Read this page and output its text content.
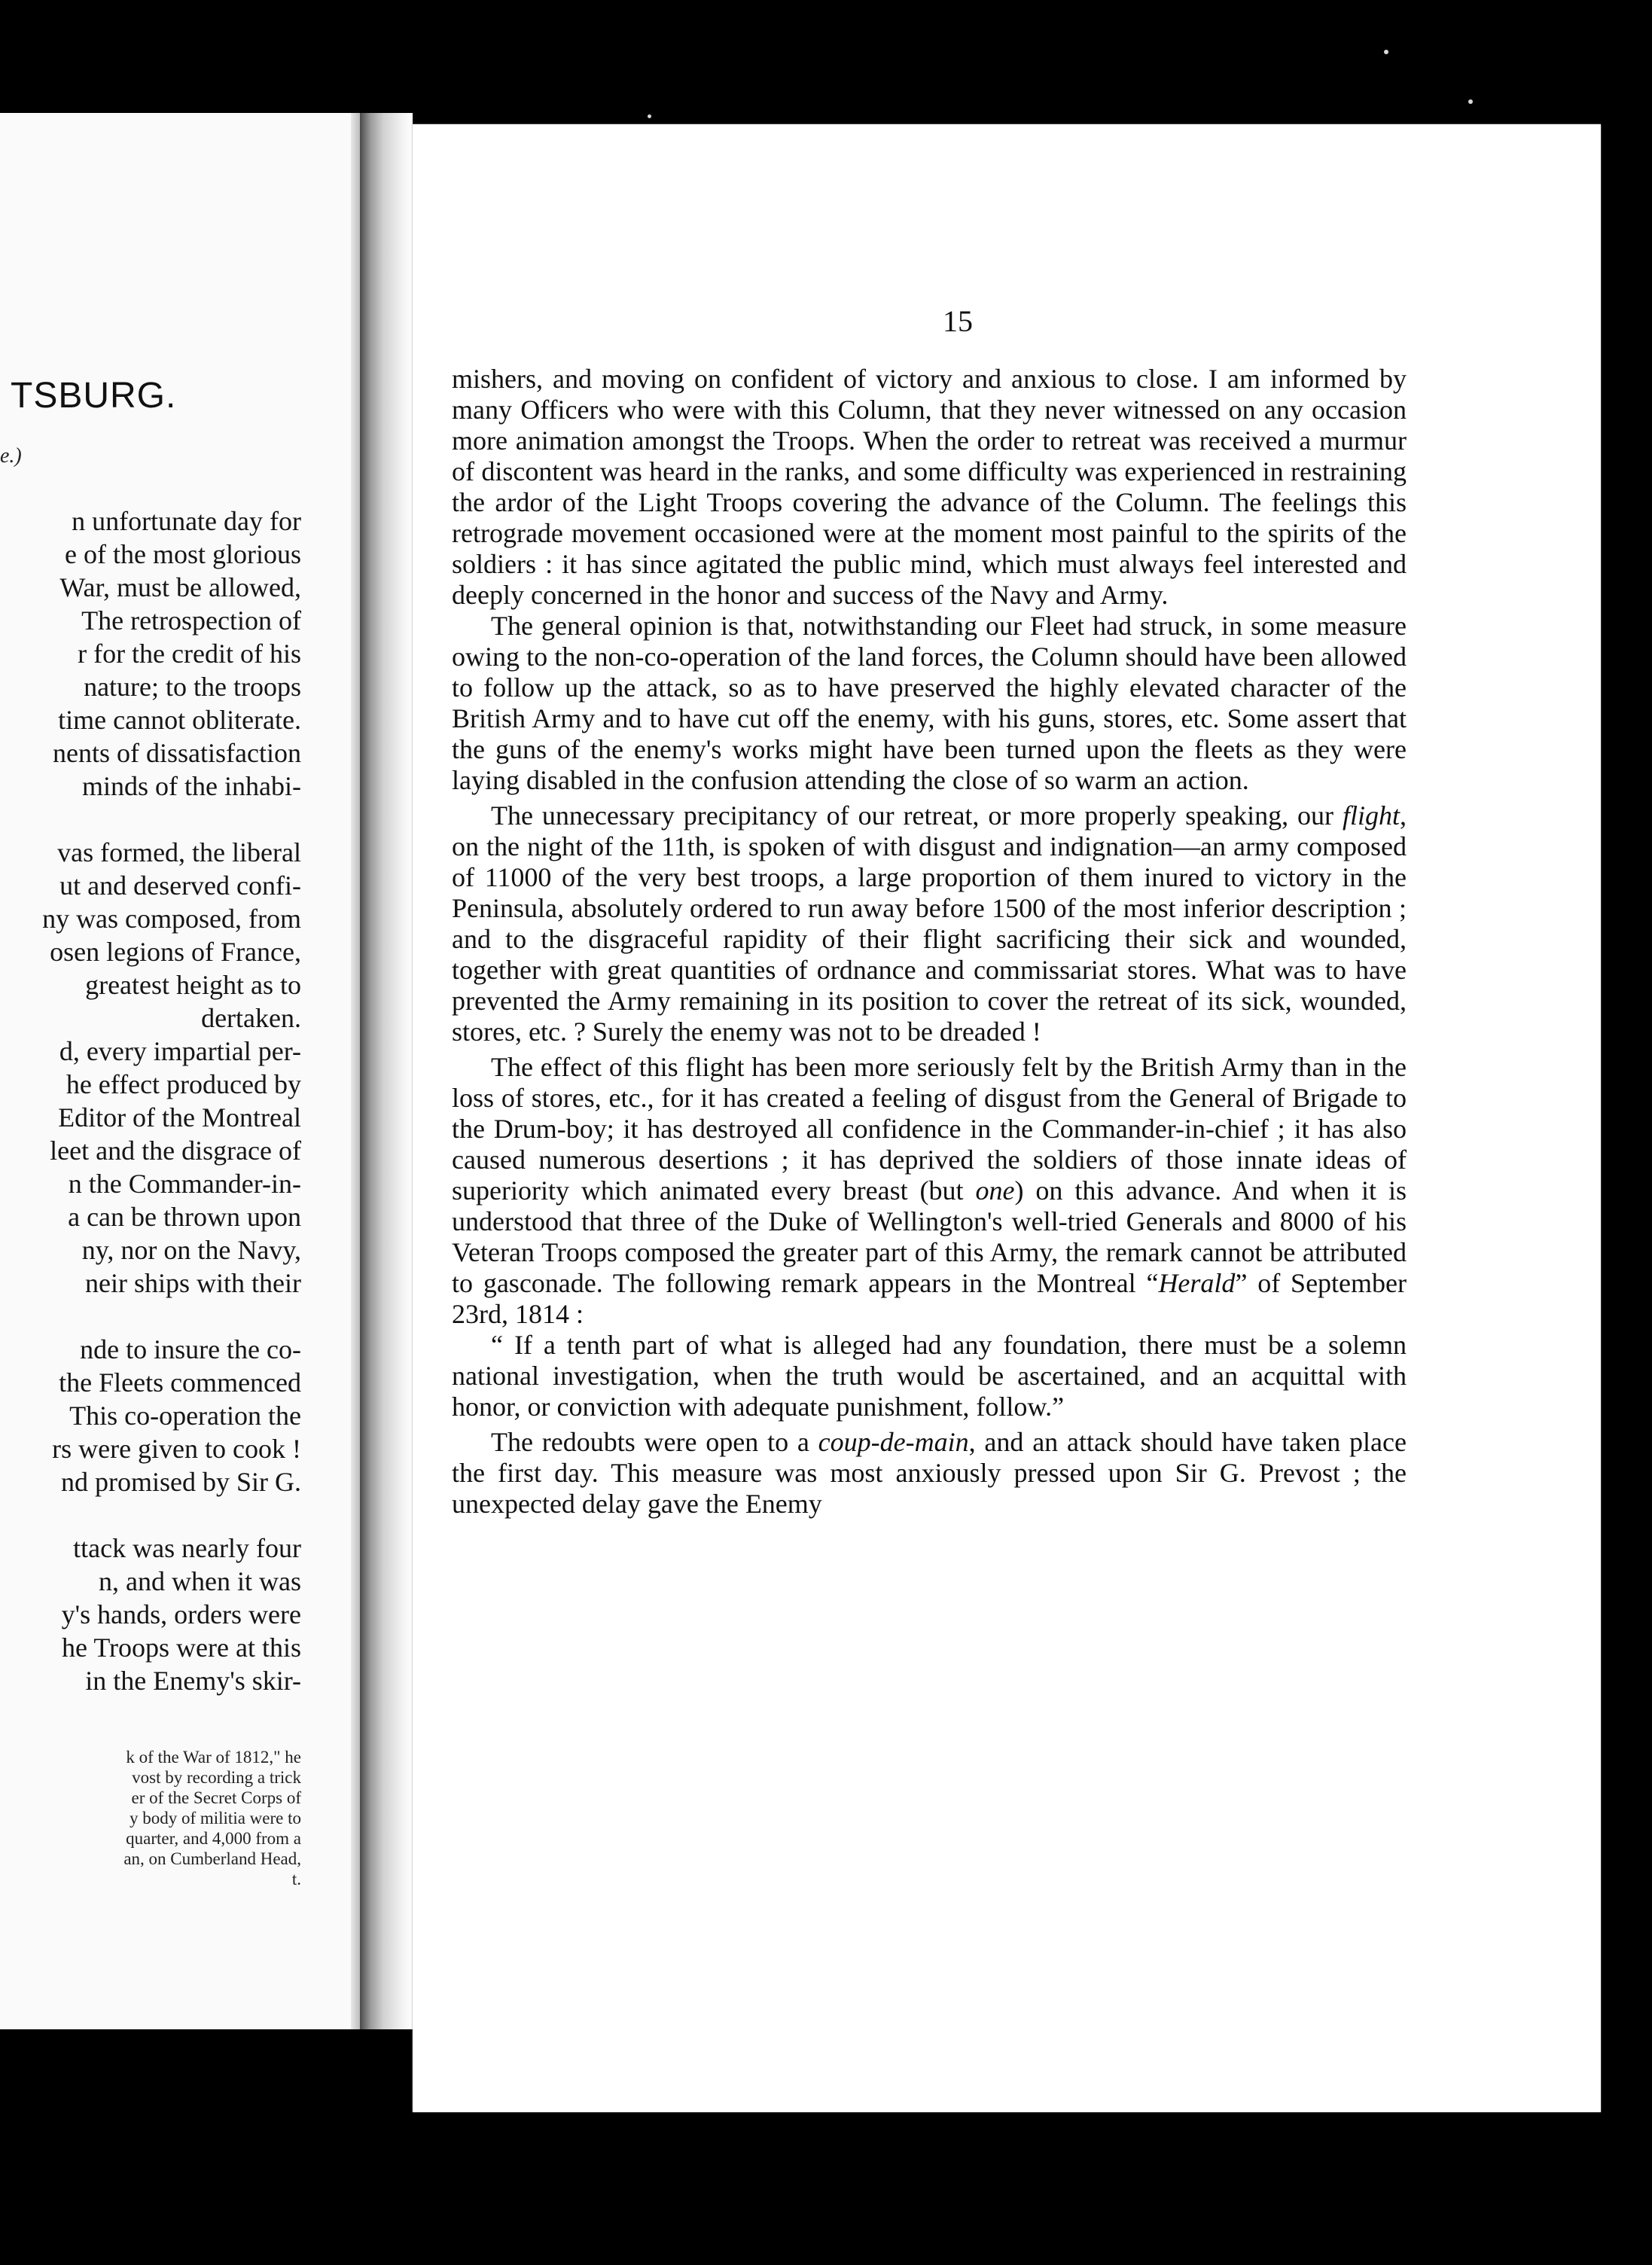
TSBURG.
e.)
n unfortunate day for
e of the most glorious
War, must be allowed,
The retrospection of
r for the credit of his
nature; to the troops
time cannot obliterate.
nents of dissatisfaction
minds of the inhabi-
vas formed, the liberal
ut and deserved confi-
ny was composed, from
osen legions of France,
greatest height as to
dertaken.
d, every impartial per-
he effect produced by
Editor of the Montreal
leet and the disgrace of
n the Commander-in-
a can be thrown upon
ny, nor on the Navy,
neir ships with their
nde to insure the co-
the Fleets commenced
This co-operation the
rs were given to cook !
nd promised by Sir G.
ttack was nearly four
n, and when it was
y's hands, orders were
he Troops were at this
in the Enemy's skir-
k of the War of 1812," he
vost by recording a trick
er of the Secret Corps of
y body of militia were to
quarter, and 4,000 from a
an, on Cumberland Head,
t.
15

mishers, and moving on confident of victory and anxious to close. I am informed by many Officers who were with this Column, that they never witnessed on any occasion more animation amongst the Troops. When the order to retreat was received a murmur of discontent was heard in the ranks, and some difficulty was experienced in restraining the ardor of the Light Troops covering the advance of the Column. The feelings this retrograde movement occasioned were at the moment most painful to the spirits of the soldiers : it has since agitated the public mind, which must always feel interested and deeply concerned in the honor and success of the Navy and Army.

The general opinion is that, notwithstanding our Fleet had struck, in some measure owing to the non-co-operation of the land forces, the Column should have been allowed to follow up the attack, so as to have preserved the highly elevated character of the British Army and to have cut off the enemy, with his guns, stores, etc. Some assert that the guns of the enemy's works might have been turned upon the fleets as they were laying disabled in the confusion attending the close of so warm an action.

The unnecessary precipitancy of our retreat, or more properly speaking, our flight, on the night of the 11th, is spoken of with disgust and indignation—an army composed of 11000 of the very best troops, a large proportion of them inured to victory in the Peninsula, absolutely ordered to run away before 1500 of the most inferior description ; and to the disgraceful rapidity of their flight sacrificing their sick and wounded, together with great quantities of ordnance and commissariat stores. What was to have prevented the Army remaining in its position to cover the retreat of its sick, wounded, stores, etc. ? Surely the enemy was not to be dreaded !

The effect of this flight has been more seriously felt by the British Army than in the loss of stores, etc., for it has created a feeling of disgust from the General of Brigade to the Drum-boy; it has destroyed all confidence in the Commander-in-chief ; it has also caused numerous desertions ; it has deprived the soldiers of those innate ideas of superiority which animated every breast (but one) on this advance. And when it is understood that three of the Duke of Wellington's well-tried Generals and 8000 of his Veteran Troops composed the greater part of this Army, the remark cannot be attributed to gasconade. The following remark appears in the Montreal “Herald” of September 23rd, 1814 :

“ If a tenth part of what is alleged had any foundation, there must be a solemn national investigation, when the truth would be ascertained, and an acquittal with honor, or conviction with adequate punishment, follow.”

The redoubts were open to a coup-de-main, and an attack should have taken place the first day. This measure was most anxiously pressed upon Sir G. Prevost ; the unexpected delay gave the Enemy
